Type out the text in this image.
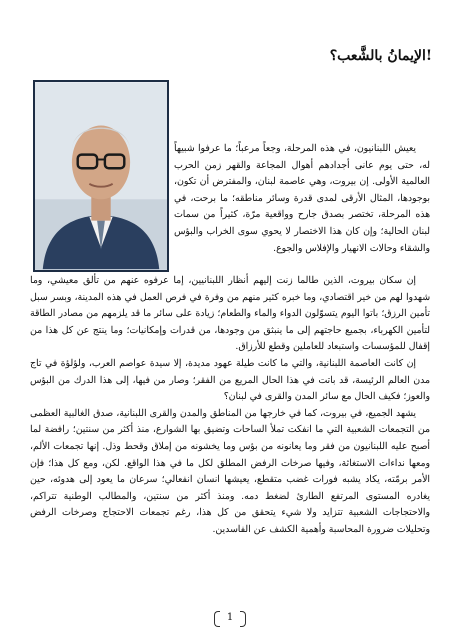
الإيمانُ بالشَّعب؟!

يعيش اللبنانيون، في هذه المرحلة، وجعاً مرعباً؛ ما عرفوا شبيهاً له، حتى يوم عانى أجدادهم أهوال المجاعة والقهر زمن الحرب العالمية الأولى. إن بيروت، وهي عاصمة لبنان، والمفترض أن تكون، بوجودها، المثال الأرقى لمدى قدرة وسائر مناطقه؛ ما برحت، في هذه المرحلة، تختصر بصدق جارح وواقعية مرّة، كثيراً من سمات لبنان الحالية؛ وإن كان هذا الاختصار لا يحوي سوى الخراب والبؤس والشقاء وحالات الانهيار والإفلاس والجوع.

إن سكان بيروت، الذين طالما زنت إليهم أنظار اللبنانيين، إما عرفوه عنهم من تألق معيشي، وما شهدوا لهم من خير اقتصادي، وما خبره كثير منهم من وفرة في فرص العمل في هذه المدينة، وبسر سبل تأمين الرزق؛ باتوا اليوم يتسوّلون الدواء والماء والطعام؛ زيادة على سائر ما قد يلزمهم من مصادر الطاقة لتأمين الكهرباء، بجميع حاجتهم إلى ما ينبثق من وجودها، من قدرات وإمكانيات؛ وما ينتج عن كل هذا من إقفال للمؤسسات واستبعاد للعاملين وقطع للأرزاق.

إن كانت العاصمة اللبنانية، والتي ما كانت طيلة عهود مديدة، إلا سيدة عواصم العرب، ولؤلؤة في تاج مدن العالم الرئيسة، قد باتت في هذا الحال المريع من الفقر؛ وصار من فيها، إلى هذا الدرك من البؤس والعوز؛ فكيف الحال مع سائر المدن والقرى في لبنان؟

يشهد الجميع، في بيروت، كما في خارجها من المناطق والمدن والقرى اللبنانية، صدق الغالبية العظمى من التجمعات الشعبية التي ما انفكت تملأ الساحات وتضيق بها الشوارع، منذ أكثر من سنتين؛ رافضة لما أصبح عليه اللبنانيون من فقر وما يعانونه من بؤس وما يخشونه من إملاق وقحط وذل. إنها تجمعات الألم، ومعها نداءات الاستغاثة، وفيها صرخات الرفض المطلق لكل ما في هذا الواقع. لكن، ومع كل هذا؛ فإن الأمر برمّته، يكاد يشبه فورات غضب متقطع، يعيشها انسان انفعالي؛ سرعان ما يعود إلى هدوئه، حين يغادره المستوى المرتفع الطارئ لضغط دمه. ومنذ أكثر من سنتين، والمطالب الوطنية تتراكم، والاحتجاجات الشعبية تتزايد ولا شيء يتحقق من كل هذا، رغم تجمعات الاحتجاج وصرخات الرفض وتحليلات ضرورة المحاسبة وأهمية الكشف عن الفاسدين.

1
